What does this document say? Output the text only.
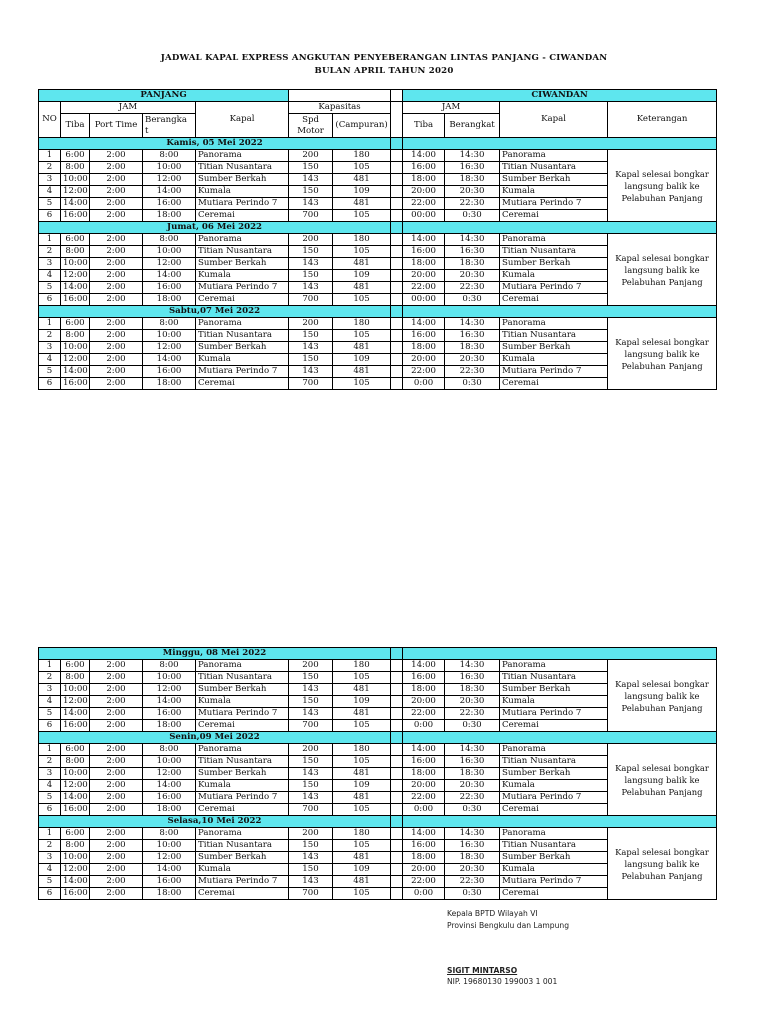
JADWAL KAPAL EXPRESS ANGKUTAN PENYEBERANGAN LINTAS PANJANG - CIWANDAN
BULAN APRIL TAHUN 2020
PANJANG								CIWANDAN			
NO	JAM			Kapal	Kapasitas			JAM		Kapal	Keterangan
	Tiba	Port Time	Berangka t		Spd Motor	(Campuran)		Tiba	Berangkat		
Kamis, 05 Mei 2022											
1	6:00	2:00	8:00	Panorama	200	180		14:00	14:30	Panorama	Kapal selesai bongkar langsung balik ke Pelabuhan Panjang
2	8:00	2:00	10:00	Titian Nusantara	150	105		16:00	16:30	Titian Nusantara	
3	10:00	2:00	12:00	Sumber Berkah	143	481		18:00	18:30	Sumber Berkah	
4	12:00	2:00	14:00	Kumala	150	109		20:00	20:30	Kumala	
5	14:00	2:00	16:00	Mutiara Perindo 7	143	481		22:00	22:30	Mutiara Perindo 7	
6	16:00	2:00	18:00	Ceremai	700	105		00:00	0:30	Ceremai	
Jumat, 06 Mei 2022											
1	6:00	2:00	8:00	Panorama	200	180		14:00	14:30	Panorama	Kapal selesai bongkar langsung balik ke Pelabuhan Panjang
2	8:00	2:00	10:00	Titian Nusantara	150	105		16:00	16:30	Titian Nusantara	
3	10:00	2:00	12:00	Sumber Berkah	143	481		18:00	18:30	Sumber Berkah	
4	12:00	2:00	14:00	Kumala	150	109		20:00	20:30	Kumala	
5	14:00	2:00	16:00	Mutiara Perindo 7	143	481		22:00	22:30	Mutiara Perindo 7	
6	16:00	2:00	18:00	Ceremai	700	105		00:00	0:30	Ceremai	
Sabtu,07 Mei 2022											
1	6:00	2:00	8:00	Panorama	200	180		14:00	14:30	Panorama	Kapal selesai bongkar langsung balik ke Pelabuhan Panjang
2	8:00	2:00	10:00	Titian Nusantara	150	105		16:00	16:30	Titian Nusantara	
3	10:00	2:00	12:00	Sumber Berkah	143	481		18:00	18:30	Sumber Berkah	
4	12:00	2:00	14:00	Kumala	150	109		20:00	20:30	Kumala	
5	14:00	2:00	16:00	Mutiara Perindo 7	143	481		22:00	22:30	Mutiara Perindo 7	
6	16:00	2:00	18:00	Ceremai	700	105		0:00	0:30	Ceremai	
Minggu, 08 Mei 2022											
1	6:00	2:00	8:00	Panorama	200	180		14:00	14:30	Panorama	Kapal selesai bongkar langsung balik ke Pelabuhan Panjang
2	8:00	2:00	10:00	Titian Nusantara	150	105		16:00	16:30	Titian Nusantara	
3	10:00	2:00	12:00	Sumber Berkah	143	481		18:00	18:30	Sumber Berkah	
4	12:00	2:00	14:00	Kumala	150	109		20:00	20:30	Kumala	
5	14:00	2:00	16:00	Mutiara Perindo 7	143	481		22:00	22:30	Mutiara Perindo 7	
6	16:00	2:00	18:00	Ceremai	700	105		0:00	0:30	Ceremai	
Senin,09 Mei 2022											
1	6:00	2:00	8:00	Panorama	200	180		14:00	14:30	Panorama	Kapal selesai bongkar langsung balik ke Pelabuhan Panjang
2	8:00	2:00	10:00	Titian Nusantara	150	105		16:00	16:30	Titian Nusantara	
3	10:00	2:00	12:00	Sumber Berkah	143	481		18:00	18:30	Sumber Berkah	
4	12:00	2:00	14:00	Kumala	150	109		20:00	20:30	Kumala	
5	14:00	2:00	16:00	Mutiara Perindo 7	143	481		22:00	22:30	Mutiara Perindo 7	
6	16:00	2:00	18:00	Ceremai	700	105		0:00	0:30	Ceremai	
Selasa,10 Mei 2022											
1	6:00	2:00	8:00	Panorama	200	180		14:00	14:30	Panorama	Kapal selesai bongkar langsung balik ke Pelabuhan Panjang
2	8:00	2:00	10:00	Titian Nusantara	150	105		16:00	16:30	Titian Nusantara	
3	10:00	2:00	12:00	Sumber Berkah	143	481		18:00	18:30	Sumber Berkah	
4	12:00	2:00	14:00	Kumala	150	109		20:00	20:30	Kumala	
5	14:00	2:00	16:00	Mutiara Perindo 7	143	481		22:00	22:30	Mutiara Perindo 7	
6	16:00	2:00	18:00	Ceremai	700	105		0:00	0:30	Ceremai	
Kepala BPTD Wilayah VI
Provinsi Bengkulu dan Lampung
SIGIT MINTARSO
NIP. 19680130 199003 1 001
